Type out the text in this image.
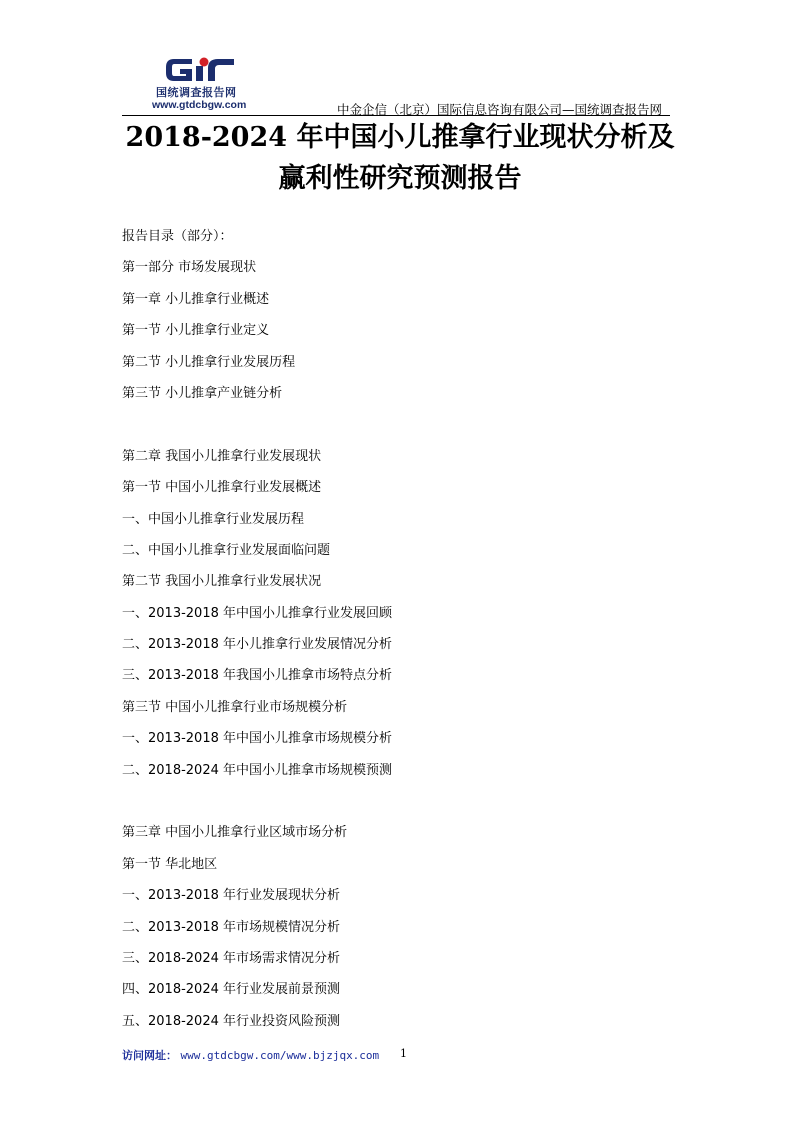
国统调查报告网
www.gtdcbgw.com	中金企信（北京）国际信息咨询有限公司—国统调查报告网
2018-2024 年中国小儿推拿行业现状分析及
赢利性研究预测报告
报告目录（部分）：
第一部分 市场发展现状
第一章 小儿推拿行业概述
第一节 小儿推拿行业定义
第二节 小儿推拿行业发展历程
第三节 小儿推拿产业链分析
第二章 我国小儿推拿行业发展现状
第一节 中国小儿推拿行业发展概述
一、中国小儿推拿行业发展历程
二、中国小儿推拿行业发展面临问题
第二节 我国小儿推拿行业发展状况
一、2013-2018 年中国小儿推拿行业发展回顾
二、2013-2018 年小儿推拿行业发展情况分析
三、2013-2018 年我国小儿推拿市场特点分析
第三节 中国小儿推拿行业市场规模分析
一、2013-2018 年中国小儿推拿市场规模分析
二、2018-2024 年中国小儿推拿市场规模预测
第三章 中国小儿推拿行业区域市场分析
第一节 华北地区
一、2013-2018 年行业发展现状分析
二、2013-2018 年市场规模情况分析
三、2018-2024 年市场需求情况分析
四、2018-2024 年行业发展前景预测
五、2018-2024 年行业投资风险预测
访问网址： www.gtdcbgw.com/www.bjzjqx.com 1
